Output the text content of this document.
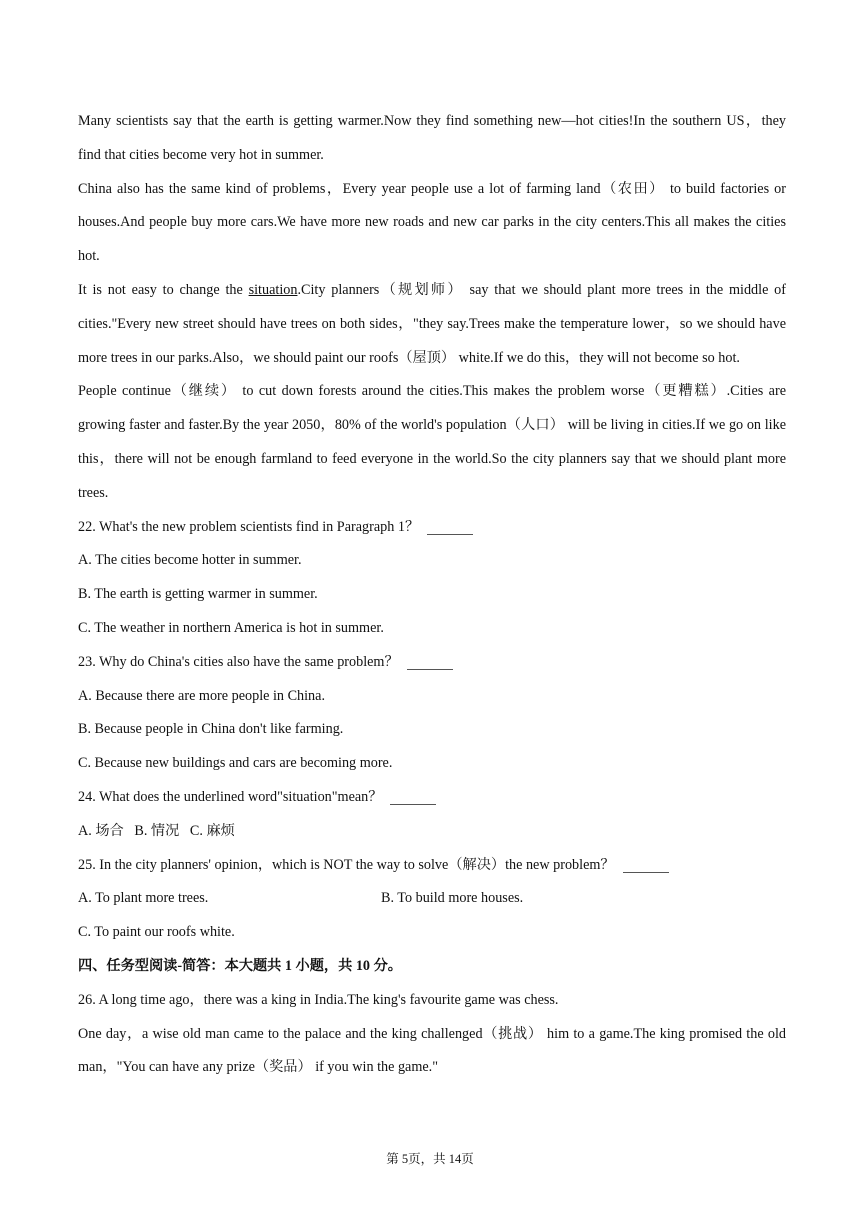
Many scientists say that the earth is getting warmer.Now they find something new—hot cities!In the southern US，they find that cities become very hot in summer.

China also has the same kind of problems，Every year people use a lot of farming land（农田） to build factories or houses.And people buy more cars.We have more new roads and new car parks in the city centers.This all makes the cities hot.

It is not easy to change the situation.City planners（规划师） say that we should plant more trees in the middle of cities."Every new street should have trees on both sides，"they say.Trees make the temperature lower，so we should have more trees in our parks.Also，we should paint our roofs（屋顶） white.If we do this，they will not become so hot.

People continue（继续） to cut down forests around the cities.This makes the problem worse（更糟糕）.Cities are growing faster and faster.By the year 2050，80% of the world's population（人口） will be living in cities.If we go on like this，there will not be enough farmland to feed everyone in the world.So the city planners say that we should plant more trees.

22. What's the new problem scientists find in Paragraph 1？

A. The cities become hotter in summer.

B. The earth is getting warmer in summer.

C. The weather in northern America is hot in summer.

23. Why do China's cities also have the same problem？

A. Because there are more people in China.

B. Because people in China don't like farming.

C. Because new buildings and cars are becoming more.

24. What does the underlined word"situation"mean？

A. 场合   B. 情况   C. 麻烦

25. In the city planners' opinion，which is NOT the way to solve（解决）the new problem？

A. To plant more trees.	B. To build more houses.

C. To paint our roofs white.

四、任务型阅读-简答：本大题共 1 小题，共 10 分。

26. A long time ago，there was a king in India.The king's favourite game was chess.

One day，a wise old man came to the palace and the king challenged（挑战） him to a game.The king promised the old man，"You can have any prize（奖品） if you win the game."

第 5页，共 14页
